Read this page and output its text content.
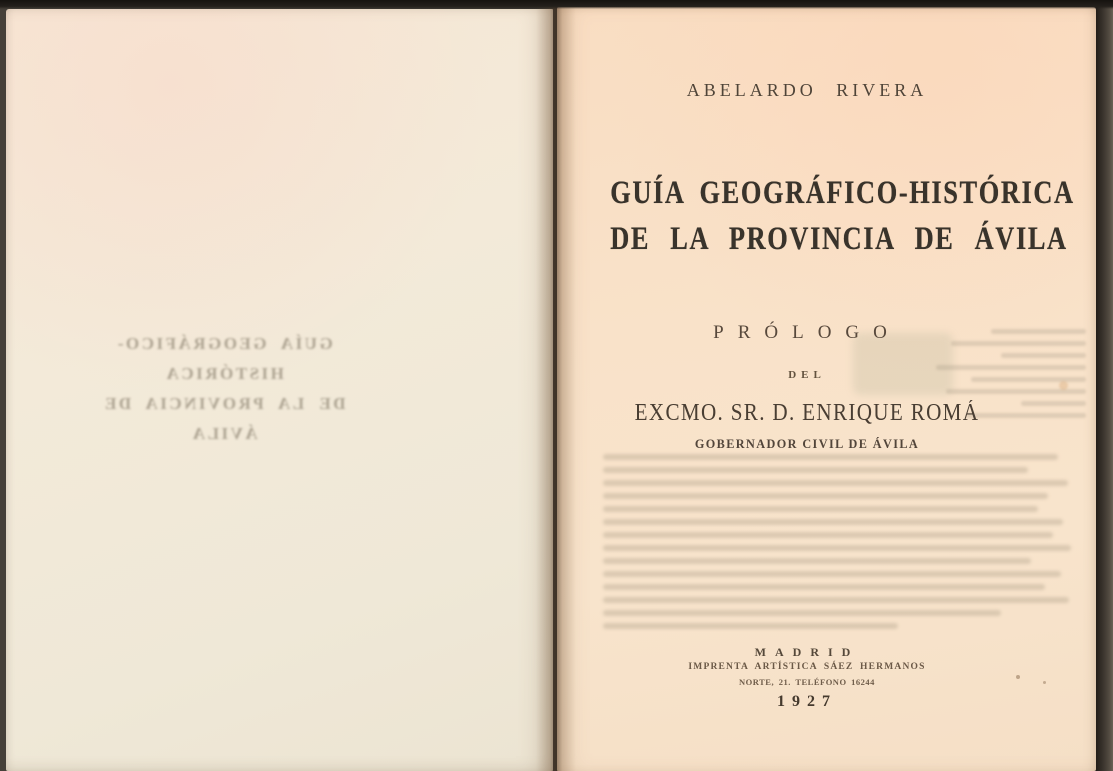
GUÍA GEOGRÁFICO-HISTÓRICA
DE LA PROVINCIA DE ÁVILA
ABELARDO RIVERA
GUÍA GEOGRÁFICO-HISTÓRICA
DE LA PROVINCIA DE ÁVILA
PRÓLOGO
DEL
EXCMO. SR. D. ENRIQUE ROMÁ
GOBERNADOR CIVIL DE ÁVILA
MADRID
IMPRENTA ARTÍSTICA SÁEZ HERMANOS
NORTE, 21. TELÉFONO 16244
1927
